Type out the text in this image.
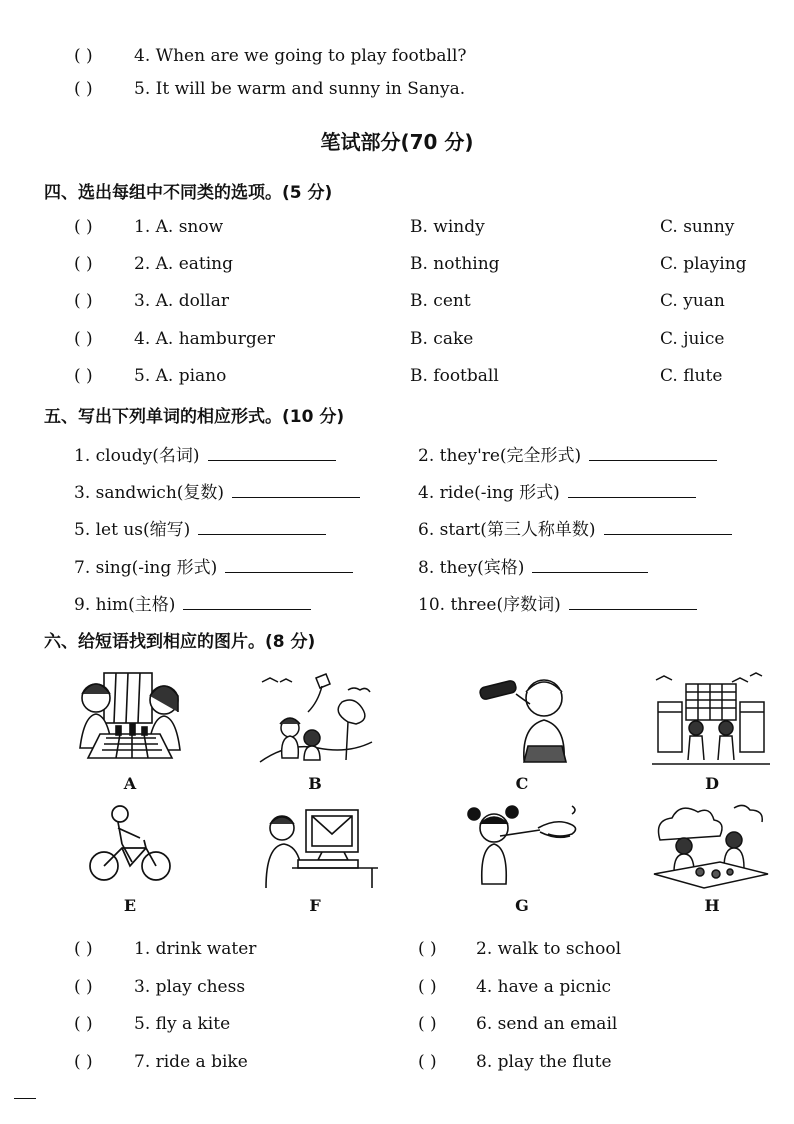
( ) 4. When are we going to play football?
( ) 5. It will be warm and sunny in Sanya.
笔试部分(70 分)
四、选出每组中不同类的选项。(5 分)
( ) 1. A. snow	B. windy	C. sunny
( ) 2. A. eating	B. nothing	C. playing
( ) 3. A. dollar	B. cent	C. yuan
( ) 4. A. hamburger	B. cake	C. juice
( ) 5. A. piano	B. football	C. flute
五、写出下列单词的相应形式。(10 分)
1. cloudy(名词)	2. they're(完全形式)
3. sandwich(复数)	4. ride(-ing 形式)
5. let us(缩写)	6. start(第三人称单数)
7. sing(-ing 形式)	8. they(宾格)
9. him(主格)	10. three(序数词)
六、给短语找到相应的图片。(8 分)
A	B	C	D
E	F	G	H
( ) 1. drink water	( ) 2. walk to school
( ) 3. play chess	( ) 4. have a picnic
( ) 5. fly a kite	( ) 6. send an email
( ) 7. ride a bike	( ) 8. play the flute
